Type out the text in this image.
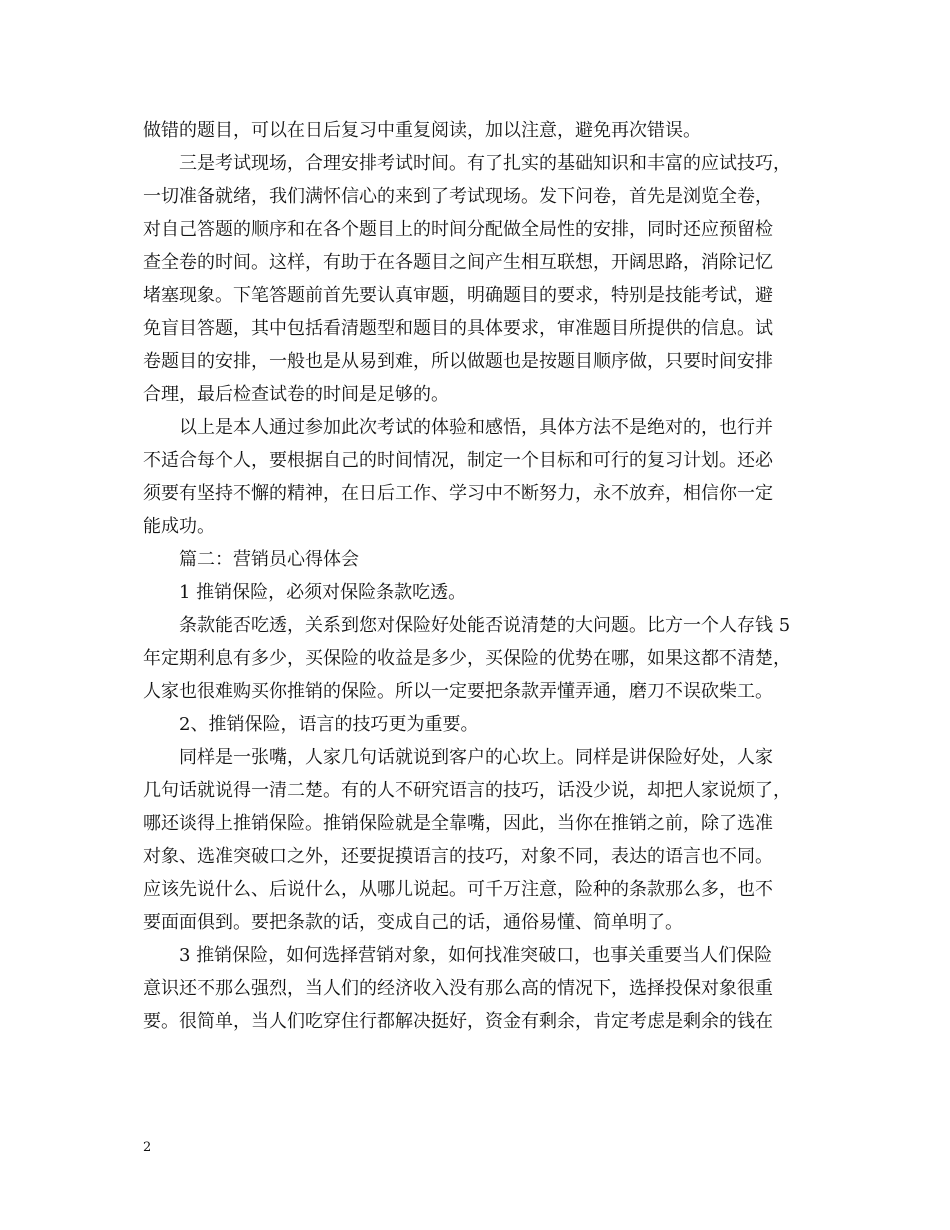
做错的题目，可以在日后复习中重复阅读，加以注意，避免再次错误。
三是考试现场，合理安排考试时间。有了扎实的基础知识和丰富的应试技巧，
一切准备就绪，我们满怀信心的来到了考试现场。发下问卷，首先是浏览全卷，
对自己答题的顺序和在各个题目上的时间分配做全局性的安排，同时还应预留检
查全卷的时间。这样，有助于在各题目之间产生相互联想，开阔思路，消除记忆
堵塞现象。下笔答题前首先要认真审题，明确题目的要求，特别是技能考试，避
免盲目答题，其中包括看清题型和题目的具体要求，审准题目所提供的信息。试
卷题目的安排，一般也是从易到难，所以做题也是按题目顺序做，只要时间安排
合理，最后检查试卷的时间是足够的。
以上是本人通过参加此次考试的体验和感悟，具体方法不是绝对的，也行并
不适合每个人，要根据自己的时间情况，制定一个目标和可行的复习计划。还必
须要有坚持不懈的精神，在日后工作、学习中不断努力，永不放弃，相信你一定
能成功。
篇二：营销员心得体会
1 推销保险，必须对保险条款吃透。
条款能否吃透，关系到您对保险好处能否说清楚的大问题。比方一个人存钱 5
年定期利息有多少，买保险的收益是多少，买保险的优势在哪，如果这都不清楚，
人家也很难购买你推销的保险。所以一定要把条款弄懂弄通，磨刀不误砍柴工。
2、推销保险，语言的技巧更为重要。
同样是一张嘴，人家几句话就说到客户的心坎上。同样是讲保险好处，人家
几句话就说得一清二楚。有的人不研究语言的技巧，话没少说，却把人家说烦了，
哪还谈得上推销保险。推销保险就是全靠嘴，因此，当你在推销之前，除了选准
对象、选准突破口之外，还要捉摸语言的技巧，对象不同，表达的语言也不同。
应该先说什么、后说什么，从哪儿说起。可千万注意，险种的条款那么多，也不
要面面俱到。要把条款的话，变成自己的话，通俗易懂、简单明了。
3 推销保险，如何选择营销对象，如何找准突破口，也事关重要当人们保险
意识还不那么强烈，当人们的经济收入没有那么高的情况下，选择投保对象很重
要。很简单，当人们吃穿住行都解决挺好，资金有剩余，肯定考虑是剩余的钱在
2
